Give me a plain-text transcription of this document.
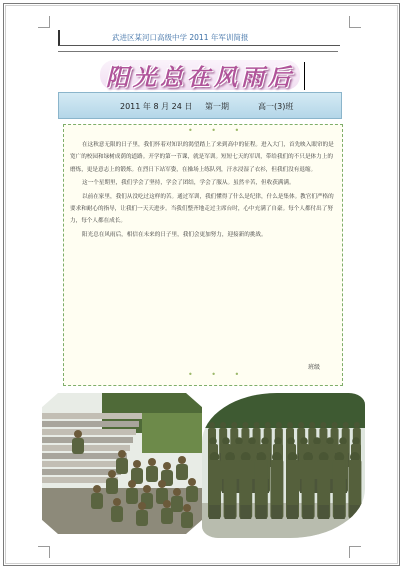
武进区某河口高级中学 2011 年军训简报
阳光总在风雨后
2011 年 8 月 24 日 第一期	高一(3)班
• • •

在这秋意无限的日子里，我们怀着对知识的渴望踏上了来到高中的征程。进入大门，首先映入眼帘的是宽广的校园和绿树成荫的道路。开学的第一节课，就是军训。短短七天的军训，带给我们的不只是体力上的磨炼，更是意志上的锻炼。在烈日下站军姿，在操场上练队列，汗水浸湿了衣衫，但我们没有退缩。

这一个星期里，我们学会了坚持，学会了团结，学会了服从。虽然辛苦，但收获满满。

以前在家里，我们从没吃过这样的苦。通过军训，我们懂得了什么是纪律，什么是集体。教官们严格的要求和耐心的指导，让我们一天天进步。当我们整齐地走过主席台时，心中充满了自豪。每个人都付出了努力，每个人都在成长。

阳光总在风雨后，相信在未来的日子里，我们会更加努力，迎接新的挑战。

班级
• • •
